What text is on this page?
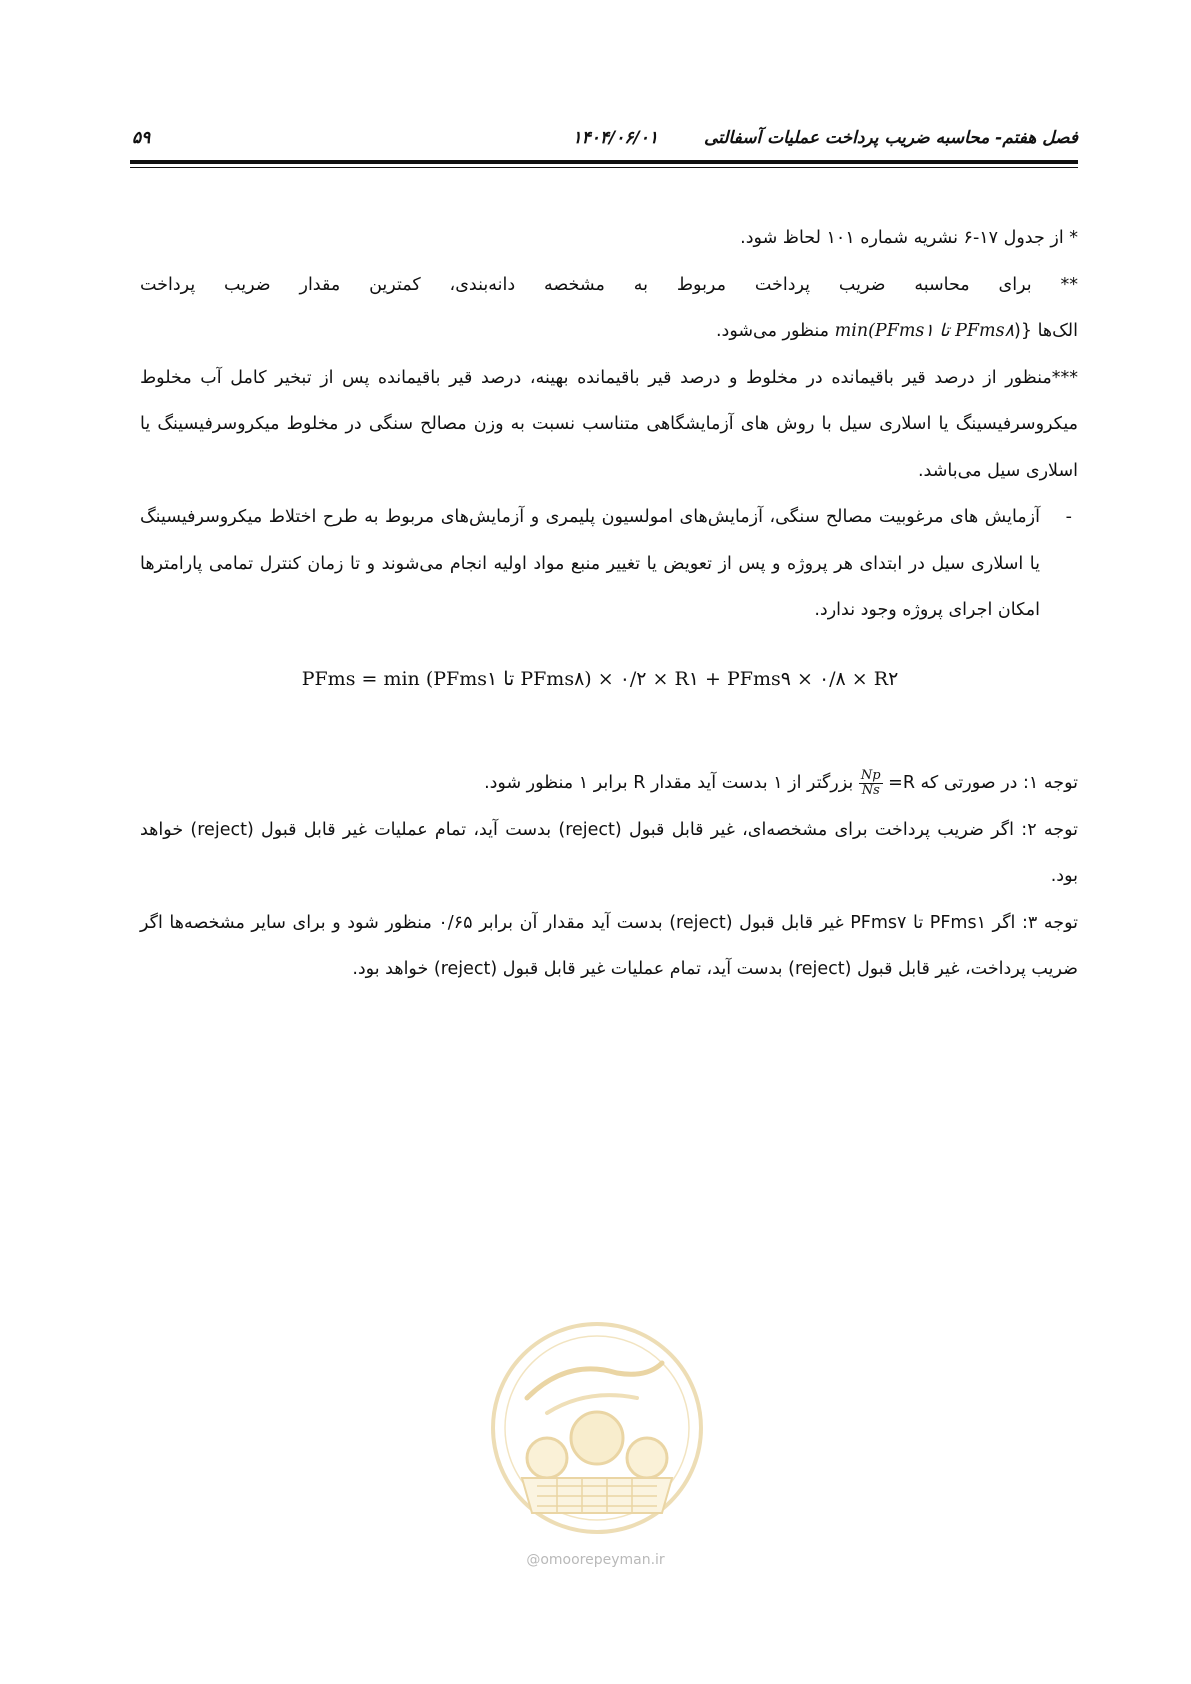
فصل هفتم- محاسبه ضریب پرداخت عملیات آسفالتی
۱۴۰۴/۰۶/۰۱
۵۹

* از جدول ۱۷-۶ نشریه شماره ۱۰۱ لحاظ شود.

** برای محاسبه ضریب پرداخت مربوط به مشخصه دانه‌بندی، کمترین مقدار ضریب پرداخت

الک‌ها {(min(PFms۱ تا PFms۸ منظور می‌شود.

***منظور از درصد قیر باقیمانده در مخلوط و درصد قیر باقیمانده بهینه، درصد قیر باقیمانده پس از تبخیر کامل آب مخلوط میکروسرفیسینگ یا اسلاری سیل با روش های آزمایشگاهی متناسب نسبت به وزن مصالح سنگی در مخلوط میکروسرفیسینگ یا اسلاری سیل می‌باشد.

-
آزمایش های مرغوبیت مصالح سنگی، آزمایش‌های امولسیون پلیمری و آزمایش‌های مربوط به طرح اختلاط میکروسرفیسینگ یا اسلاری سیل در ابتدای هر پروژه و پس از تعویض یا تغییر منبع مواد اولیه انجام می‌شوند و تا زمان کنترل تمامی پارامترها امکان اجرای پروژه وجود ندارد.

PFms = min (PFms۱ تا PFms۸) × ۰/۲ × R۱ + PFms۹ × ۰/۸ × R۲

توجه ۱: در صورتی که R=
$\frac{Np}{Ns}$
بزرگتر از ۱ بدست آید مقدار R برابر ۱ منظور شود.

توجه ۲: اگر ضریب پرداخت برای مشخصه‌ای، غیر قابل قبول (reject) بدست آید، تمام عملیات غیر قابل قبول (reject) خواهد بود.

توجه ۳: اگر PFms۱ تا PFms۷ غیر قابل قبول (reject) بدست آید مقدار آن برابر ۰/۶۵ منظور شود و برای سایر مشخصه‌ها اگر ضریب پرداخت، غیر قابل قبول (reject) بدست آید، تمام عملیات غیر قابل قبول (reject) خواهد بود.

@omoorepeyman.ir
